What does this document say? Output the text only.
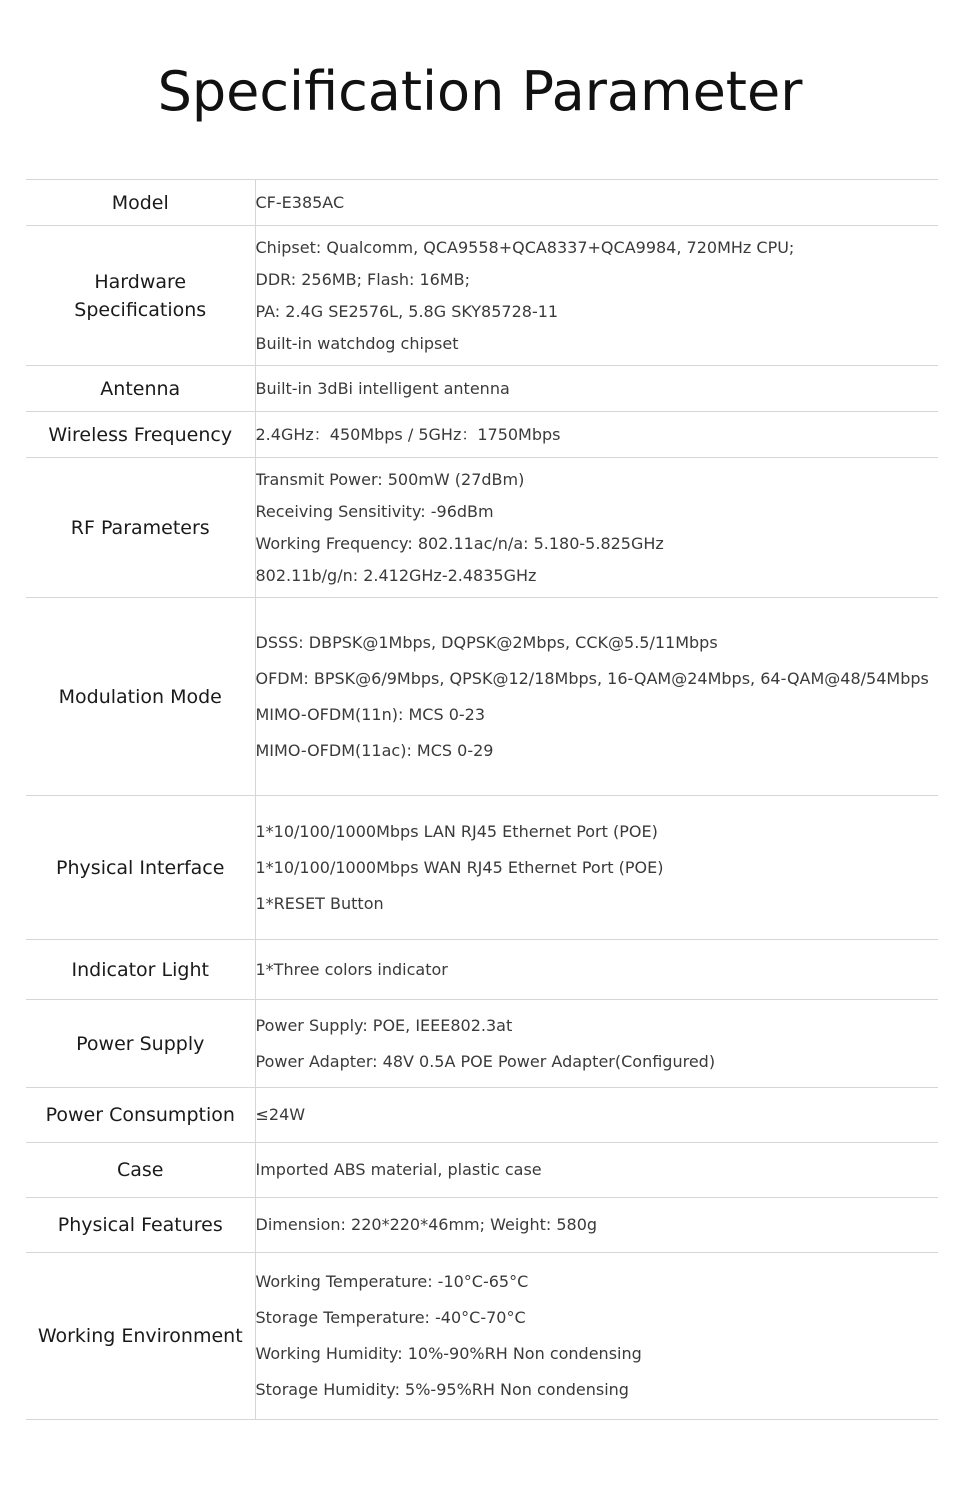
Specification Parameter
Model	CF-E385AC

Hardware
Specifications	Chipset: Qualcomm, QCA9558+QCA8337+QCA9984, 720MHz CPU;
DDR: 256MB; Flash: 16MB;
PA: 2.4G SE2576L, 5.8G SKY85728-11
Built-in watchdog chipset

Antenna	Built-in 3dBi intelligent antenna

Wireless Frequency	2.4GHz：450Mbps / 5GHz：1750Mbps

RF Parameters	Transmit Power: 500mW (27dBm)
Receiving Sensitivity: -96dBm
Working Frequency: 802.11ac/n/a: 5.180-5.825GHz
802.11b/g/n: 2.412GHz-2.4835GHz

Modulation Mode	DSSS: DBPSK@1Mbps, DQPSK@2Mbps, CCK@5.5/11Mbps
OFDM: BPSK@6/9Mbps, QPSK@12/18Mbps, 16-QAM@24Mbps, 64-QAM@48/54Mbps
MIMO-OFDM(11n): MCS 0-23
MIMO-OFDM(11ac): MCS 0-29

Physical Interface	1*10/100/1000Mbps LAN RJ45 Ethernet Port (POE)
1*10/100/1000Mbps WAN RJ45 Ethernet Port (POE)
1*RESET Button

Indicator Light	1*Three colors indicator

Power Supply	Power Supply: POE, IEEE802.3at
Power Adapter: 48V 0.5A POE Power Adapter(Configured)

Power Consumption	≤24W

Case	Imported ABS material, plastic case

Physical Features	Dimension: 220*220*46mm; Weight: 580g

Working Environment	Working Temperature: -10°C-65°C
Storage Temperature: -40°C-70°C
Working Humidity: 10%-90%RH Non condensing
Storage Humidity: 5%-95%RH Non condensing
